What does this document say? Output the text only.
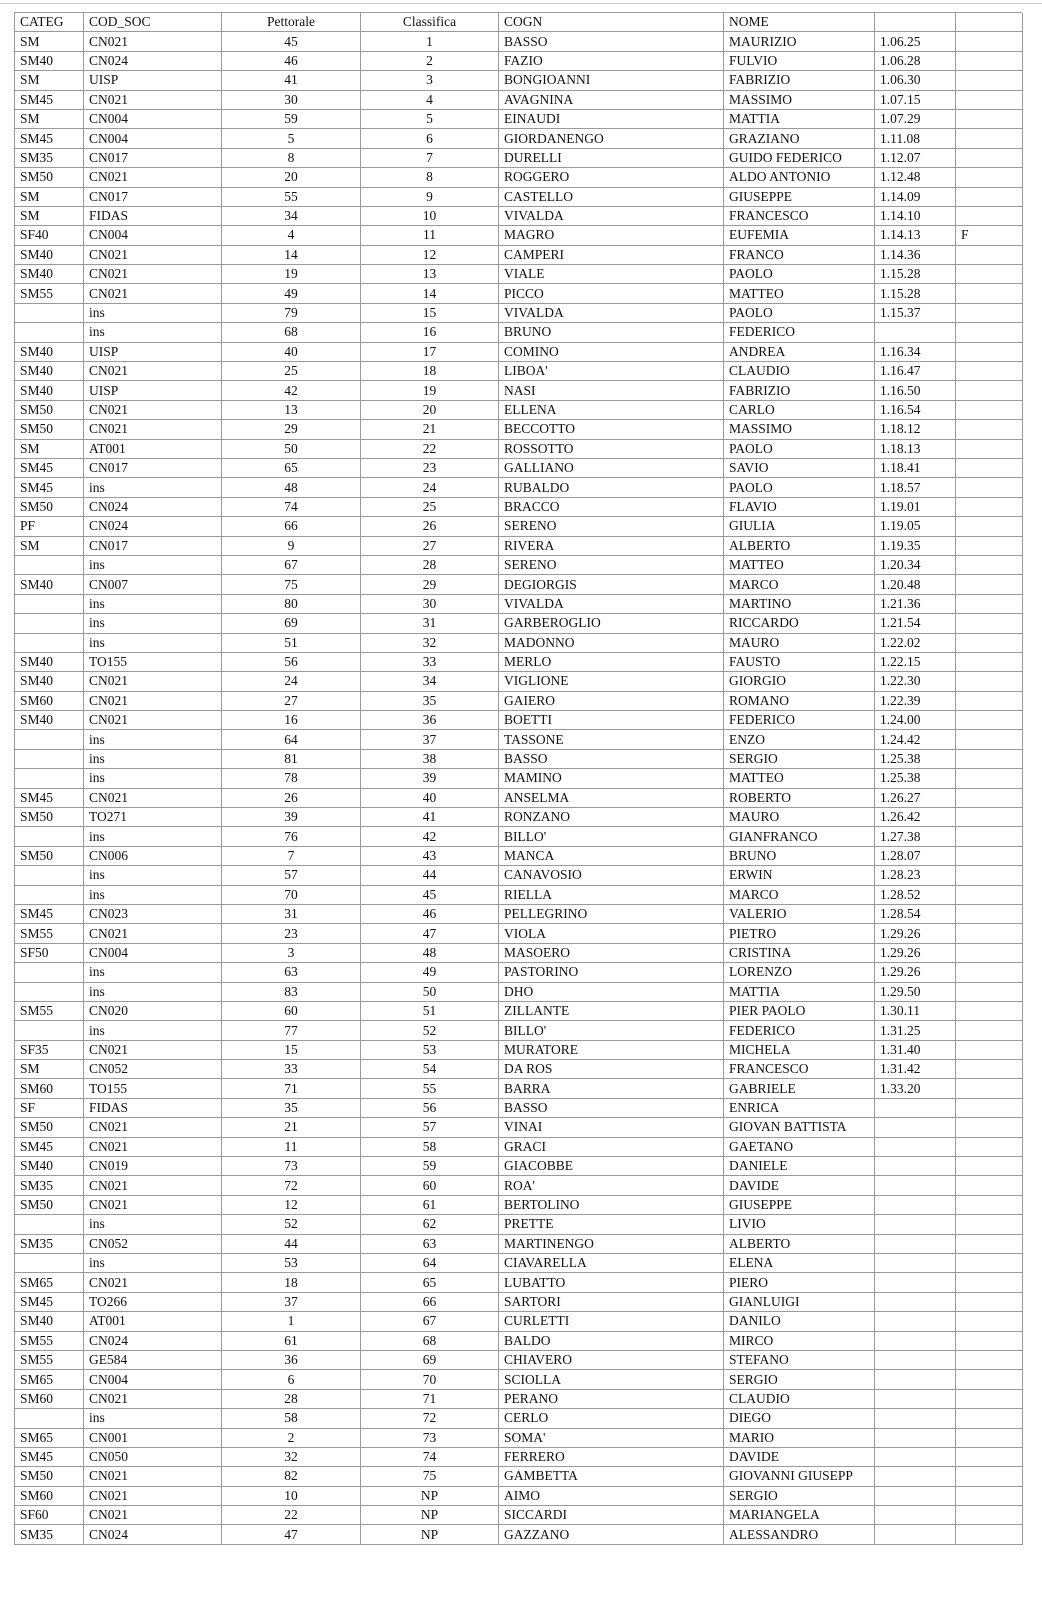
CATEG	COD_SOC	Pettorale	Classifica	COGN	NOME		
SM	CN021	45	1	BASSO	MAURIZIO	1.06.25	
SM40	CN024	46	2	FAZIO	FULVIO	1.06.28	
SM	UISP	41	3	BONGIOANNI	FABRIZIO	1.06.30	
SM45	CN021	30	4	AVAGNINA	MASSIMO	1.07.15	
SM	CN004	59	5	EINAUDI	MATTIA	1.07.29	
SM45	CN004	5	6	GIORDANENGO	GRAZIANO	1.11.08	
SM35	CN017	8	7	DURELLI	GUIDO FEDERICO	1.12.07	
SM50	CN021	20	8	ROGGERO	ALDO ANTONIO	1.12.48	
SM	CN017	55	9	CASTELLO	GIUSEPPE	1.14.09	
SM	FIDAS	34	10	VIVALDA	FRANCESCO	1.14.10	
SF40	CN004	4	11	MAGRO	EUFEMIA	1.14.13	F
SM40	CN021	14	12	CAMPERI	FRANCO	1.14.36	
SM40	CN021	19	13	VIALE	PAOLO	1.15.28	
SM55	CN021	49	14	PICCO	MATTEO	1.15.28	
	ins	79	15	VIVALDA	PAOLO	1.15.37	
	ins	68	16	BRUNO	FEDERICO		
SM40	UISP	40	17	COMINO	ANDREA	1.16.34	
SM40	CN021	25	18	LIBOA'	CLAUDIO	1.16.47	
SM40	UISP	42	19	NASI	FABRIZIO	1.16.50	
SM50	CN021	13	20	ELLENA	CARLO	1.16.54	
SM50	CN021	29	21	BECCOTTO	MASSIMO	1.18.12	
SM	AT001	50	22	ROSSOTTO	PAOLO	1.18.13	
SM45	CN017	65	23	GALLIANO	SAVIO	1.18.41	
SM45	ins	48	24	RUBALDO	PAOLO	1.18.57	
SM50	CN024	74	25	BRACCO	FLAVIO	1.19.01	
PF	CN024	66	26	SERENO	GIULIA	1.19.05	
SM	CN017	9	27	RIVERA	ALBERTO	1.19.35	
	ins	67	28	SERENO	MATTEO	1.20.34	
SM40	CN007	75	29	DEGIORGIS	MARCO	1.20.48	
	ins	80	30	VIVALDA	MARTINO	1.21.36	
	ins	69	31	GARBEROGLIO	RICCARDO	1.21.54	
	ins	51	32	MADONNO	MAURO	1.22.02	
SM40	TO155	56	33	MERLO	FAUSTO	1.22.15	
SM40	CN021	24	34	VIGLIONE	GIORGIO	1.22.30	
SM60	CN021	27	35	GAIERO	ROMANO	1.22.39	
SM40	CN021	16	36	BOETTI	FEDERICO	1.24.00	
	ins	64	37	TASSONE	ENZO	1.24.42	
	ins	81	38	BASSO	SERGIO	1.25.38	
	ins	78	39	MAMINO	MATTEO	1.25.38	
SM45	CN021	26	40	ANSELMA	ROBERTO	1.26.27	
SM50	TO271	39	41	RONZANO	MAURO	1.26.42	
	ins	76	42	BILLO'	GIANFRANCO	1.27.38	
SM50	CN006	7	43	MANCA	BRUNO	1.28.07	
	ins	57	44	CANAVOSIO	ERWIN	1.28.23	
	ins	70	45	RIELLA	MARCO	1.28.52	
SM45	CN023	31	46	PELLEGRINO	VALERIO	1.28.54	
SM55	CN021	23	47	VIOLA	PIETRO	1.29.26	
SF50	CN004	3	48	MASOERO	CRISTINA	1.29.26	
	ins	63	49	PASTORINO	LORENZO	1.29.26	
	ins	83	50	DHO	MATTIA	1.29.50	
SM55	CN020	60	51	ZILLANTE	PIER PAOLO	1.30.11	
	ins	77	52	BILLO'	FEDERICO	1.31.25	
SF35	CN021	15	53	MURATORE	MICHELA	1.31.40	
SM	CN052	33	54	DA ROS	FRANCESCO	1.31.42	
SM60	TO155	71	55	BARRA	GABRIELE	1.33.20	
SF	FIDAS	35	56	BASSO	ENRICA		
SM50	CN021	21	57	VINAI	GIOVAN BATTISTA		
SM45	CN021	11	58	GRACI	GAETANO		
SM40	CN019	73	59	GIACOBBE	DANIELE		
SM35	CN021	72	60	ROA'	DAVIDE		
SM50	CN021	12	61	BERTOLINO	GIUSEPPE		
	ins	52	62	PRETTE	LIVIO		
SM35	CN052	44	63	MARTINENGO	ALBERTO		
	ins	53	64	CIAVARELLA	ELENA		
SM65	CN021	18	65	LUBATTO	PIERO		
SM45	TO266	37	66	SARTORI	GIANLUIGI		
SM40	AT001	1	67	CURLETTI	DANILO		
SM55	CN024	61	68	BALDO	MIRCO		
SM55	GE584	36	69	CHIAVERO	STEFANO		
SM65	CN004	6	70	SCIOLLA	SERGIO		
SM60	CN021	28	71	PERANO	CLAUDIO		
	ins	58	72	CERLO	DIEGO		
SM65	CN001	2	73	SOMA'	MARIO		
SM45	CN050	32	74	FERRERO	DAVIDE		
SM50	CN021	82	75	GAMBETTA	GIOVANNI GIUSEPP		
SM60	CN021	10	NP	AIMO	SERGIO		
SF60	CN021	22	NP	SICCARDI	MARIANGELA		
SM35	CN024	47	NP	GAZZANO	ALESSANDRO		
